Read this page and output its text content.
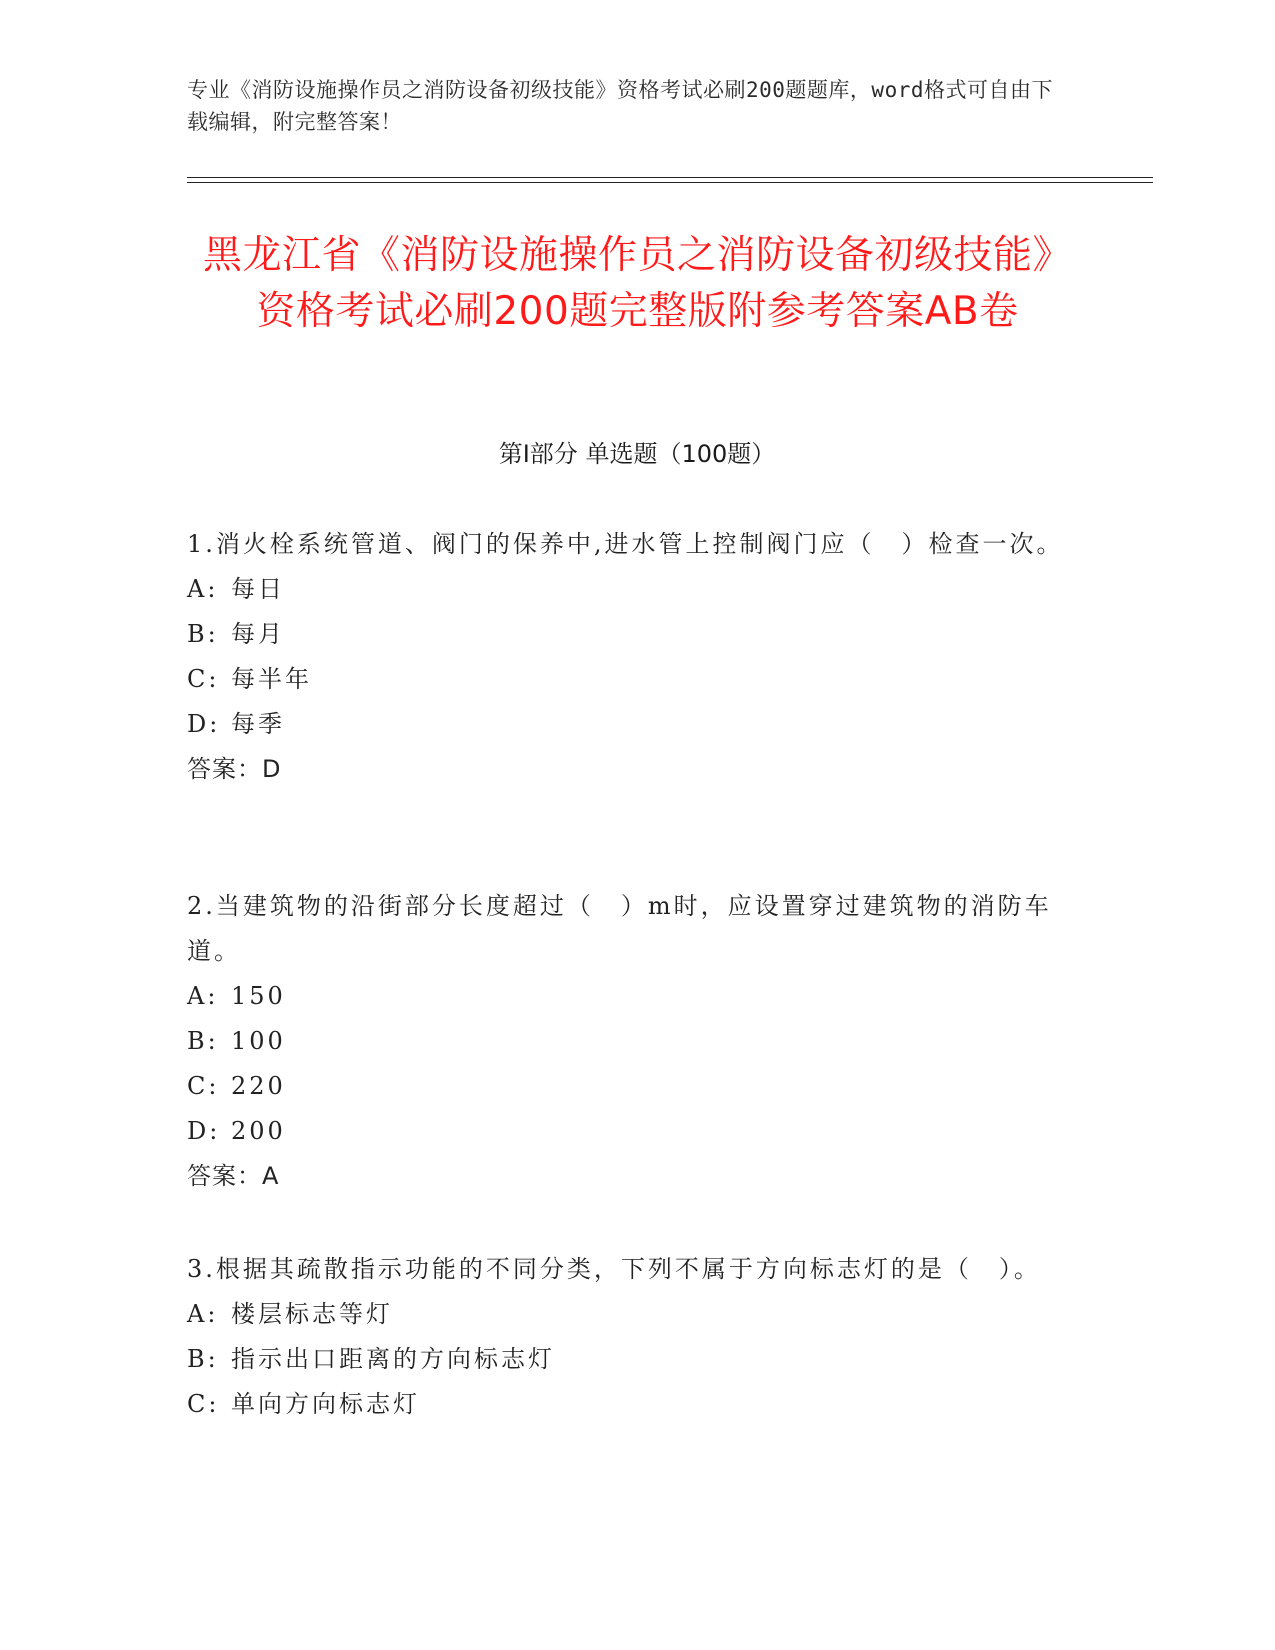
专业《消防设施操作员之消防设备初级技能》资格考试必刷200题题库，word格式可自由下载编辑，附完整答案！
黑龙江省《消防设施操作员之消防设备初级技能》资格考试必刷200题完整版附参考答案AB卷
第Ⅰ部分 单选题（100题）

1.消火栓系统管道、阀门的保养中,进水管上控制阀门应（　）检查一次。

A: 每日
B: 每月
C: 每半年
D: 每季

答案：D

2.当建筑物的沿街部分长度超过（　）m时，应设置穿过建筑物的消防车道。

A: 150
B: 100
C: 220
D: 200

答案：A

3.根据其疏散指示功能的不同分类，下列不属于方向标志灯的是（　）。

A: 楼层标志等灯
B: 指示出口距离的方向标志灯
C: 单向方向标志灯
